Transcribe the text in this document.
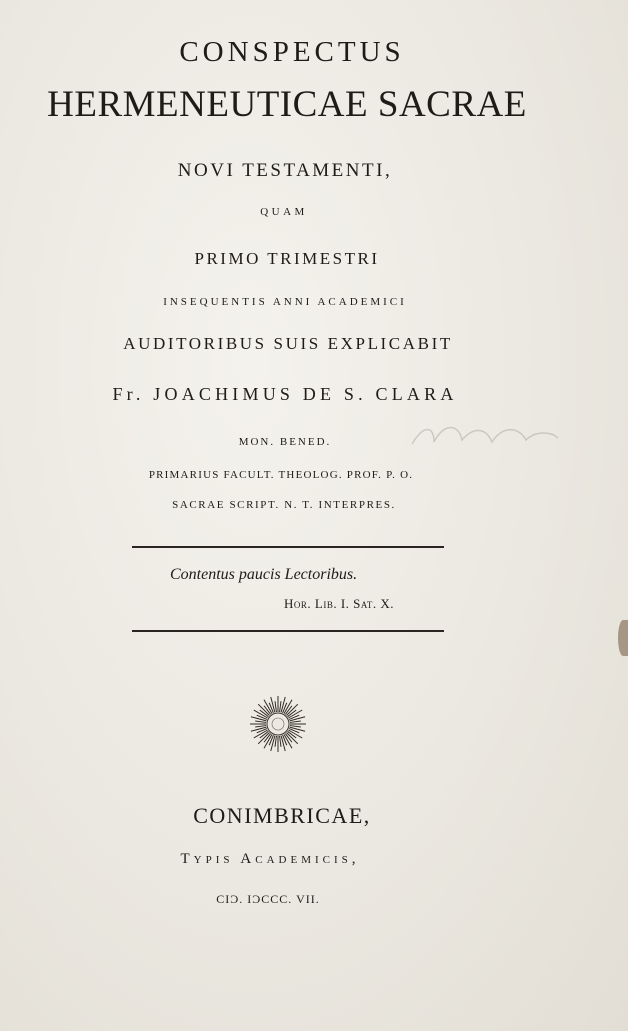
CONSPECTUS
HERMENEUTICAE SACRAE
NOVI TESTAMENTI,
QUAM
PRIMO TRIMESTRI
INSEQUENTIS ANNI ACADEMICI
AUDITORIBUS SUIS EXPLICABIT
Fr. JOACHIMUS DE S. CLARA
MON. BENED.
PRIMARIUS FACULT. THEOLOG. PROF. P. O.
SACRAE SCRIPT. N. T. INTERPRES.
Contentus paucis Lectoribus.
Hor. Lib. I. Sat. X.
CONIMBRICAE,
Typis Academicis,
CIϽ. IϽCCC. VII.
